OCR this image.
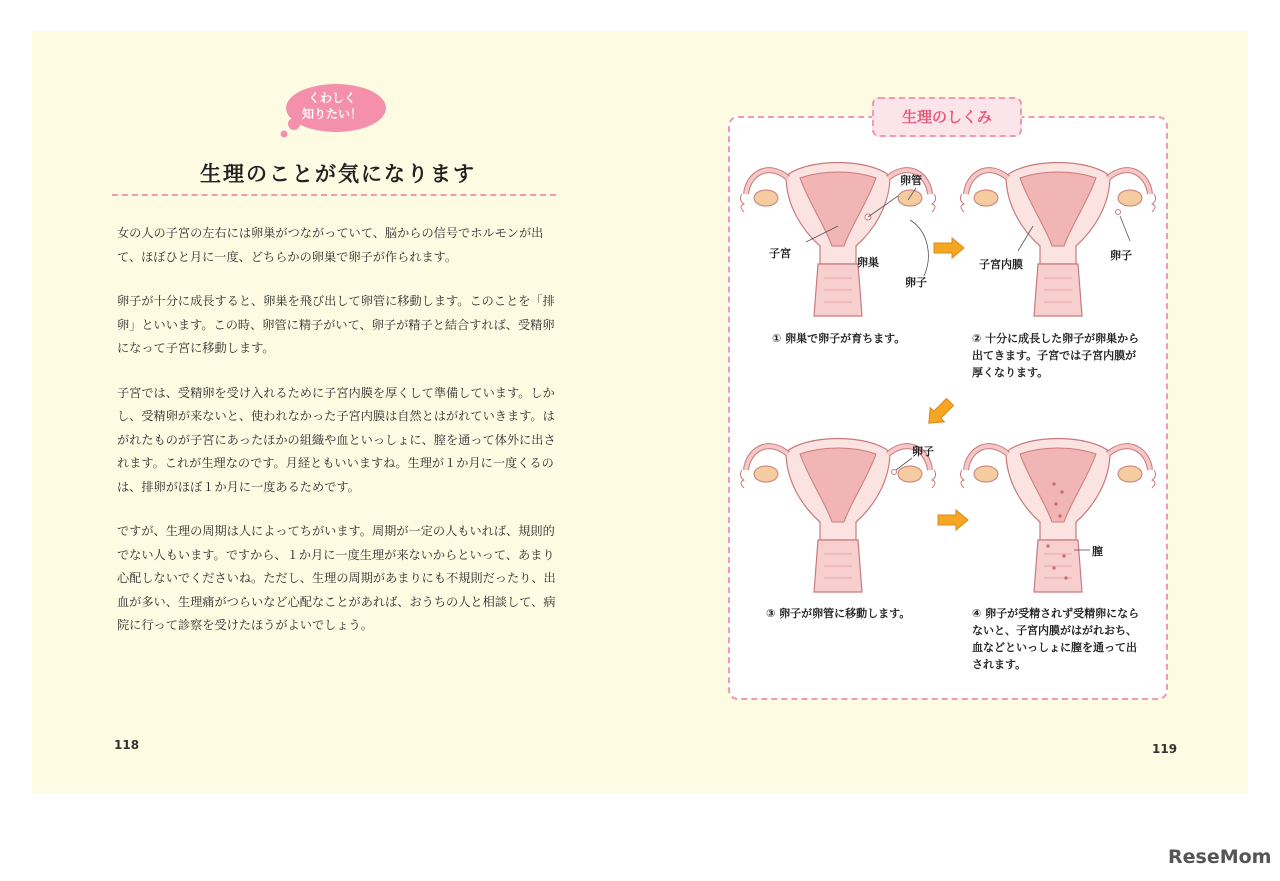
くわしく
知りたい！
生理のことが気になります

女の人の子宮の左右には卵巣がつながっていて、脳からの信号でホルモンが出て、ほぼひと月に一度、どちらかの卵巣で卵子が作られます。

卵子が十分に成長すると、卵巣を飛び出して卵管に移動します。このことを「排卵」といいます。この時、卵管に精子がいて、卵子が精子と結合すれば、受精卵になって子宮に移動します。

子宮では、受精卵を受け入れるために子宮内膜を厚くして準備しています。しかし、受精卵が来ないと、使われなかった子宮内膜は自然とはがれていきます。はがれたものが子宮にあったほかの組織や血といっしょに、膣を通って体外に出されます。これが生理なのです。月経ともいいますね。生理が１か月に一度くるのは、排卵がほぼ１か月に一度あるためです。

ですが、生理の周期は人によってちがいます。周期が一定の人もいれば、規則的でない人もいます。ですから、１か月に一度生理が来ないからといって、あまり心配しないでくださいね。ただし、生理の周期があまりにも不規則だったり、出血が多い、生理痛がつらいなど心配なことがあれば、おうちの人と相談して、病院に行って診察を受けたほうがよいでしょう。

118
生理のしくみ
卵管
子宮
卵巣
卵子
子宮内膜
卵子
卵子
膣
① 卵巣で卵子が育ちます。	② 十分に成長した卵子が卵巣から出てきます。子宮では子宮内膜が厚くなります。
③ 卵子が卵管に移動します。	④ 卵子が受精されず受精卵にならないと、子宮内膜がはがれおち、血などといっしょに膣を通って出されます。
119
ReseMom
